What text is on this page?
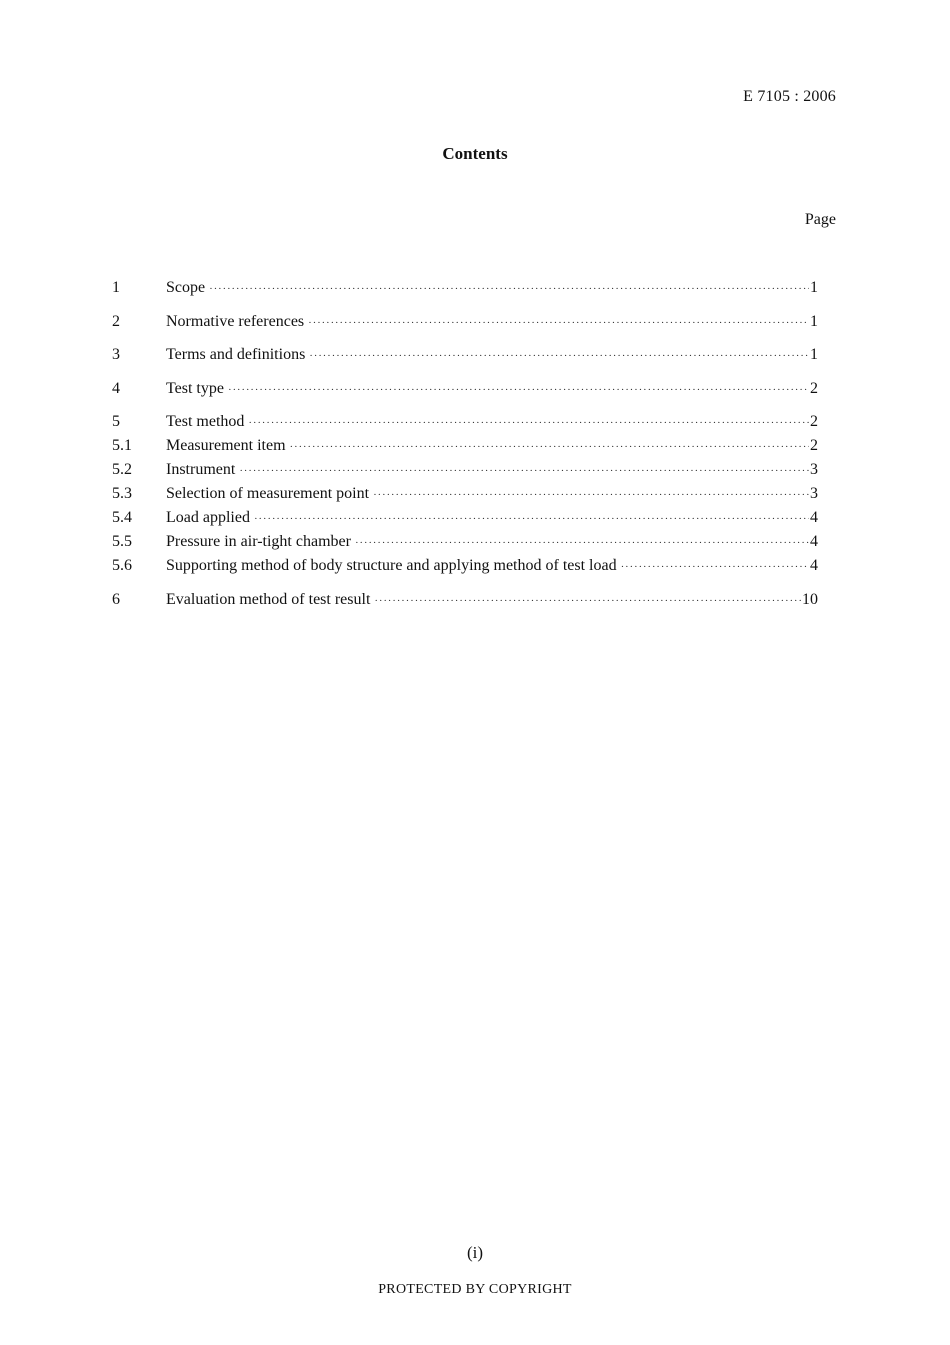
E 7105 : 2006
Contents
Page
1	Scope ·····	1
2	Normative references ·····	1
3	Terms and definitions ·····	1
4	Test type ·····	2
5	Test method ·····	2
5.1	Measurement item ·····	2
5.2	Instrument ·····	3
5.3	Selection of measurement point ·····	3
5.4	Load applied ·····	4
5.5	Pressure in air-tight chamber ·····	4
5.6	Supporting method of body structure and applying method of test load ·····	4
6	Evaluation method of test result ·····	10
(i)
PROTECTED BY COPYRIGHT
